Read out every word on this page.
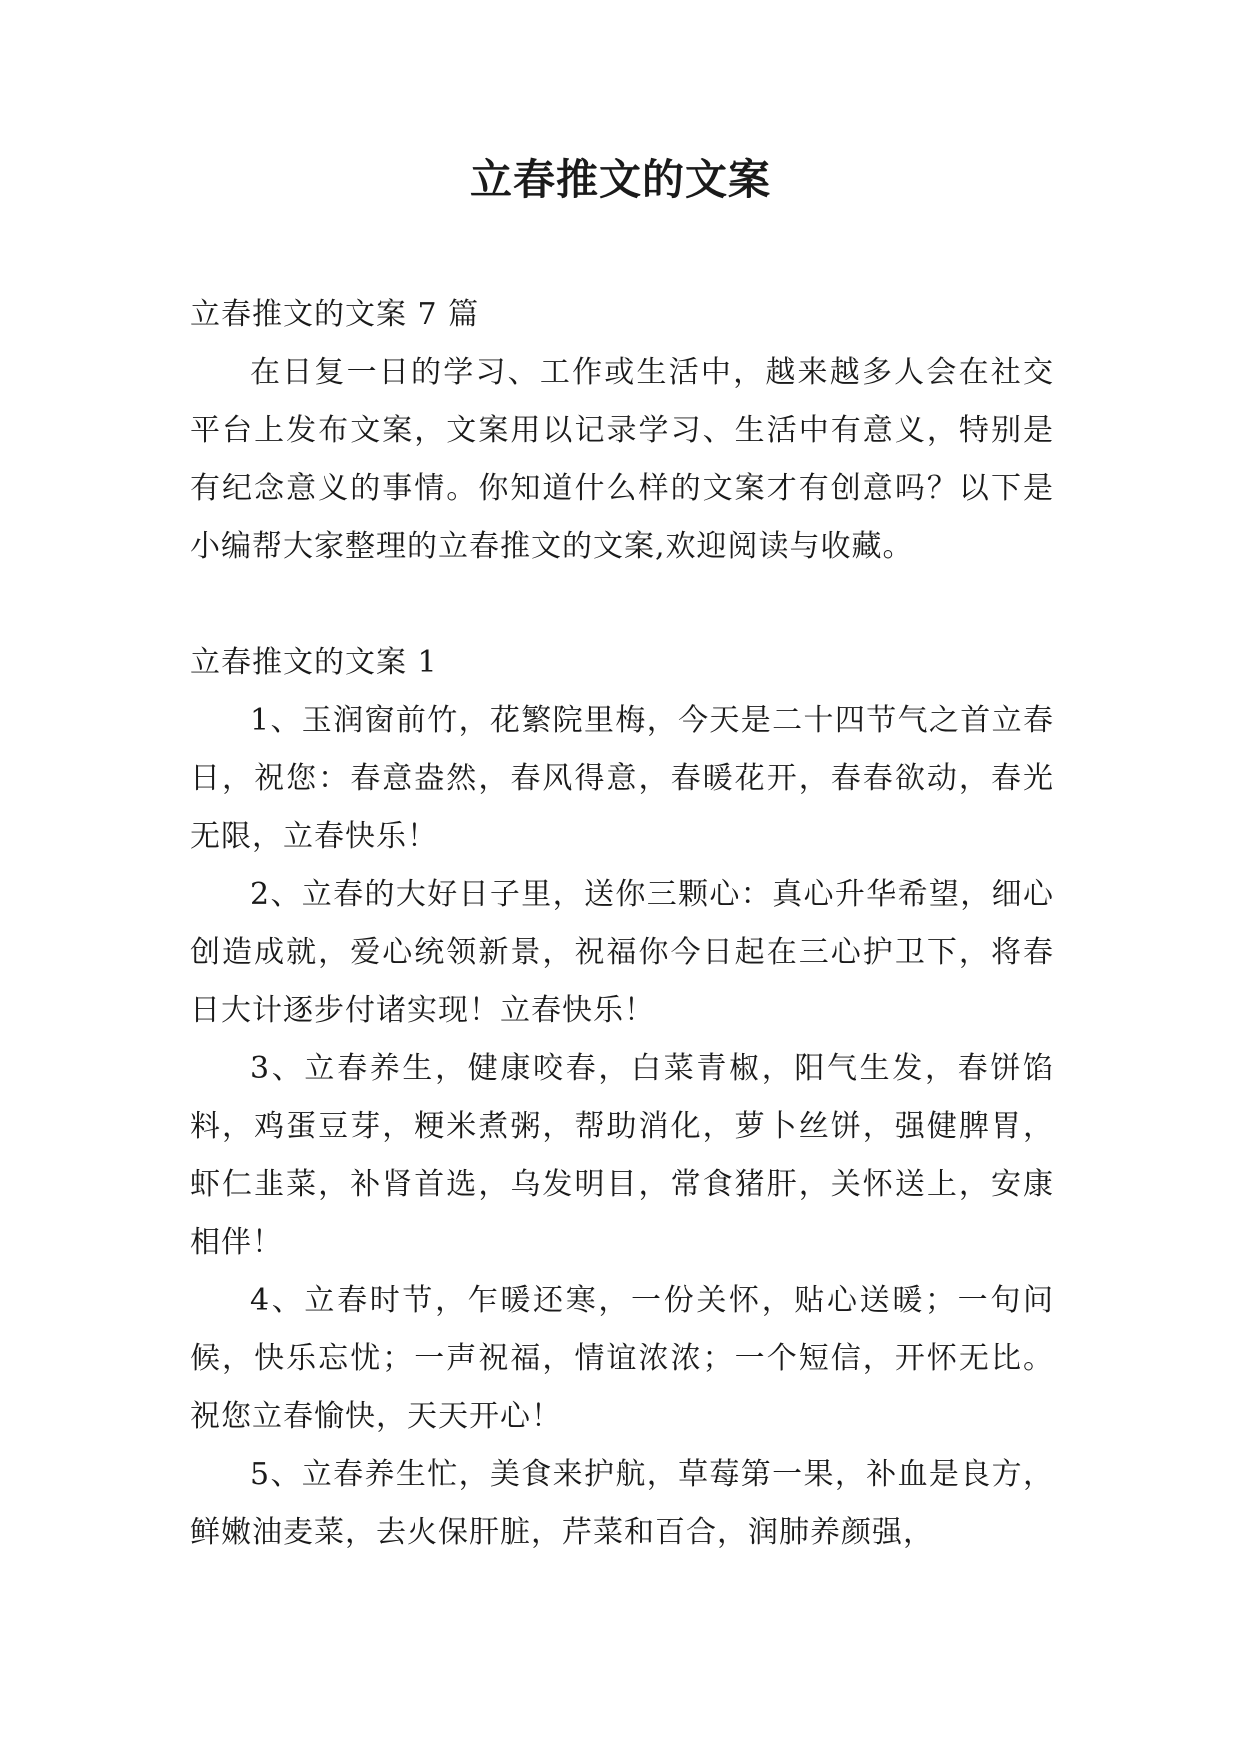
立春推文的文案

立春推文的文案 7 篇

在日复一日的学习、工作或生活中，越来越多人会在社交平台上发布文案，文案用以记录学习、生活中有意义，特别是有纪念意义的事情。你知道什么样的文案才有创意吗？以下是小编帮大家整理的立春推文的文案,欢迎阅读与收藏。

立春推文的文案 1

1、玉润窗前竹，花繁院里梅，今天是二十四节气之首立春日，祝您：春意盎然，春风得意，春暖花开，春春欲动，春光无限，立春快乐！

2、立春的大好日子里，送你三颗心：真心升华希望，细心创造成就，爱心统领新景，祝福你今日起在三心护卫下，将春日大计逐步付诸实现！立春快乐！

3、立春养生，健康咬春，白菜青椒，阳气生发，春饼馅料，鸡蛋豆芽，粳米煮粥，帮助消化，萝卜丝饼，强健脾胃，虾仁韭菜，补肾首选，乌发明目，常食猪肝，关怀送上，安康相伴！

4、立春时节，乍暖还寒，一份关怀，贴心送暖；一句问候，快乐忘忧；一声祝福，情谊浓浓；一个短信，开怀无比。祝您立春愉快，天天开心！

5、立春养生忙，美食来护航，草莓第一果，补血是良方，鲜嫩油麦菜，去火保肝脏，芹菜和百合，润肺养颜强，
